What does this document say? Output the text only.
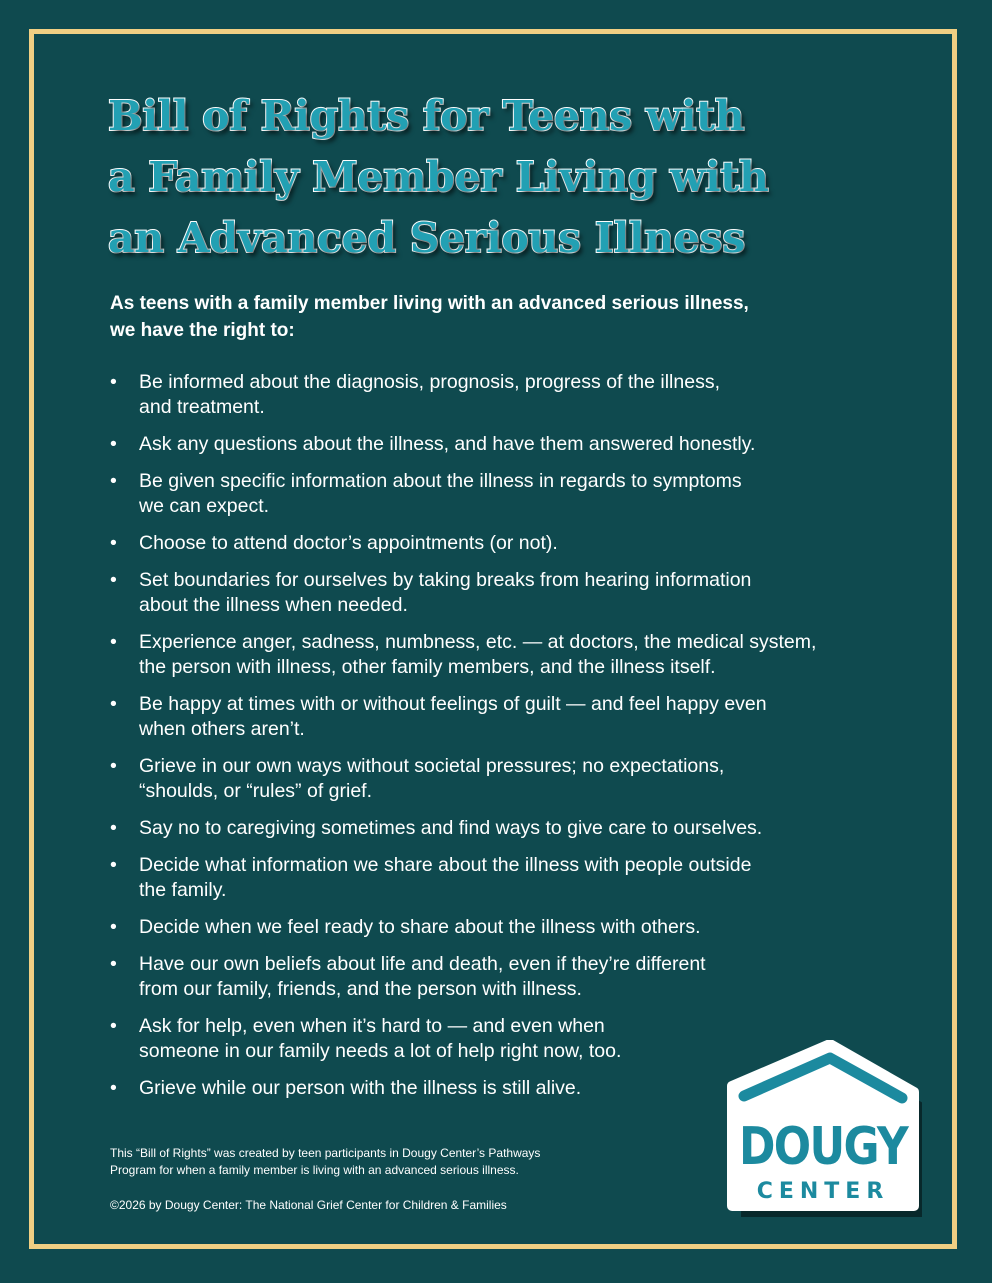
Bill of Rights for Teens with
a Family Member Living with
an Advanced Serious Illness

As teens with a family member living with an advanced serious illness,
we have the right to:

• Be informed about the diagnosis, prognosis, progress of the illness,
and treatment.
• Ask any questions about the illness, and have them answered honestly.
• Be given specific information about the illness in regards to symptoms
we can expect.
• Choose to attend doctor’s appointments (or not).
• Set boundaries for ourselves by taking breaks from hearing information
about the illness when needed.
• Experience anger, sadness, numbness, etc. — at doctors, the medical system,
the person with illness, other family members, and the illness itself.
• Be happy at times with or without feelings of guilt — and feel happy even
when others aren’t.
• Grieve in our own ways without societal pressures; no expectations,
“shoulds, or “rules” of grief.
• Say no to caregiving sometimes and find ways to give care to ourselves.
• Decide what information we share about the illness with people outside
the family.
• Decide when we feel ready to share about the illness with others.
• Have our own beliefs about life and death, even if they’re different
from our family, friends, and the person with illness.
• Ask for help, even when it’s hard to — and even when
someone in our family needs a lot of help right now, too.
• Grieve while our person with the illness is still alive.

This “Bill of Rights” was created by teen participants in Dougy Center’s Pathways
Program for when a family member is living with an advanced serious illness.

©2026 by Dougy Center: The National Grief Center for Children & Families

DOUGY
CENTER
